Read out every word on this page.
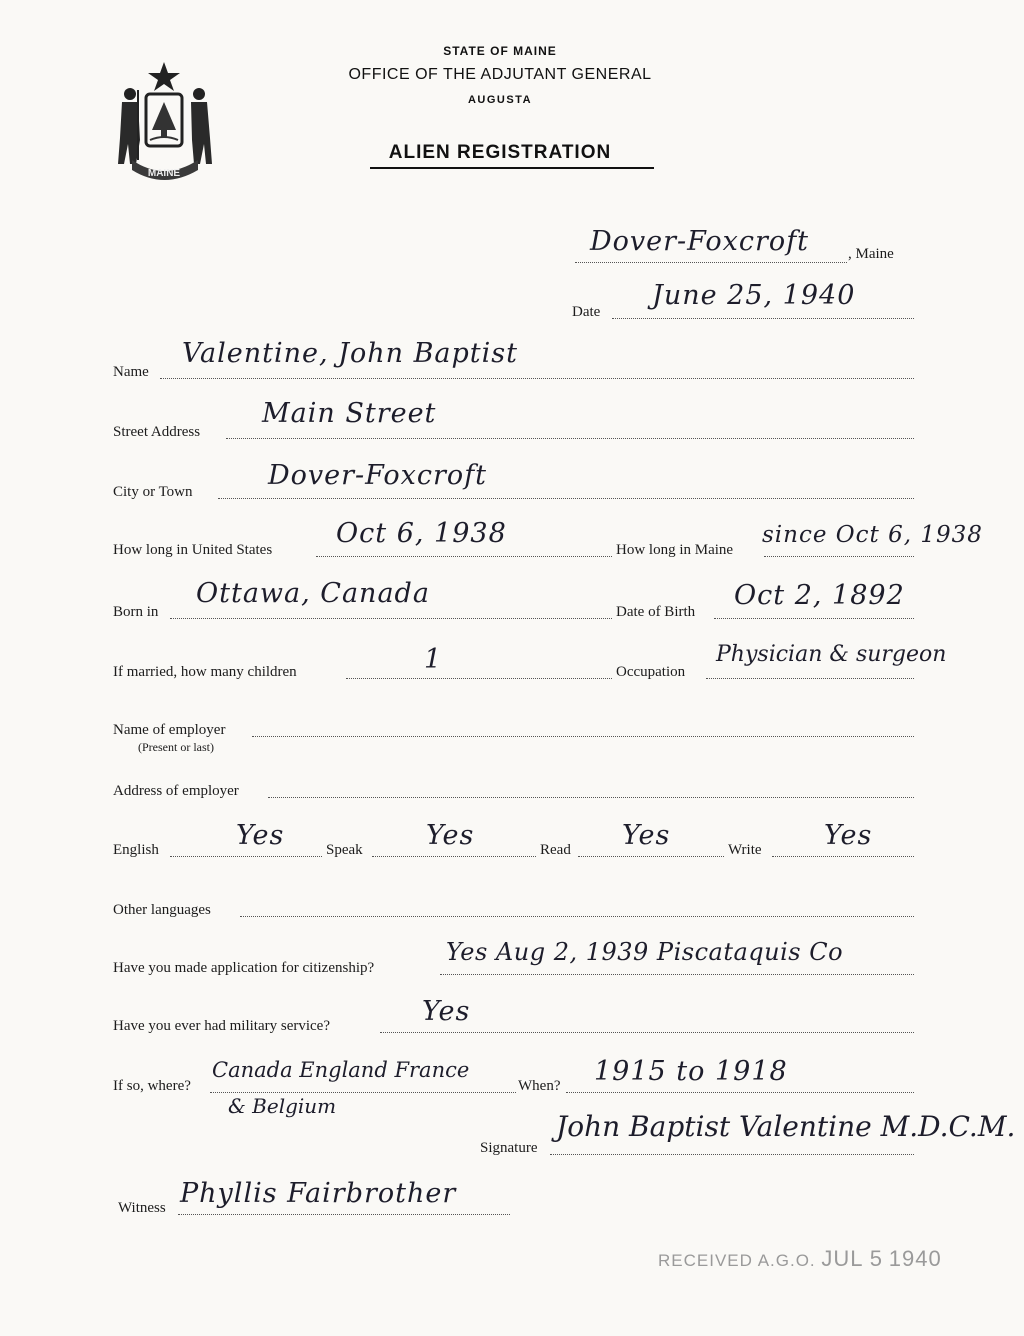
MAINE
STATE OF MAINE
OFFICE OF THE ADJUTANT GENERAL
AUGUSTA
ALIEN REGISTRATION
Dover-Foxcroft	, Maine
Date
June 25, 1940
Name
Valentine, John Baptist
Street Address
Main Street
City or Town
Dover-Foxcroft
How long in United States
Oct 6, 1938
How long in Maine
since Oct 6, 1938
Born in
Ottawa, Canada
Date of Birth
Oct 2, 1892
If married, how many children	1	Occupation
Physician & surgeon
Name of employer
(Present or last)
Address of employer
English	Yes	Speak Yes	Read Yes	Write Yes
Other languages
Have you made application for citizenship?
Yes Aug 2, 1939 Piscataquis Co
Have you ever had military service?	Yes
If so, where?
Canada England France
& Belgium
When? 1915 to 1918
Signature
John Baptist Valentine M.D.C.M.
Witness Phyllis Fairbrother
RECEIVED A.G.O. JUL 5 1940
